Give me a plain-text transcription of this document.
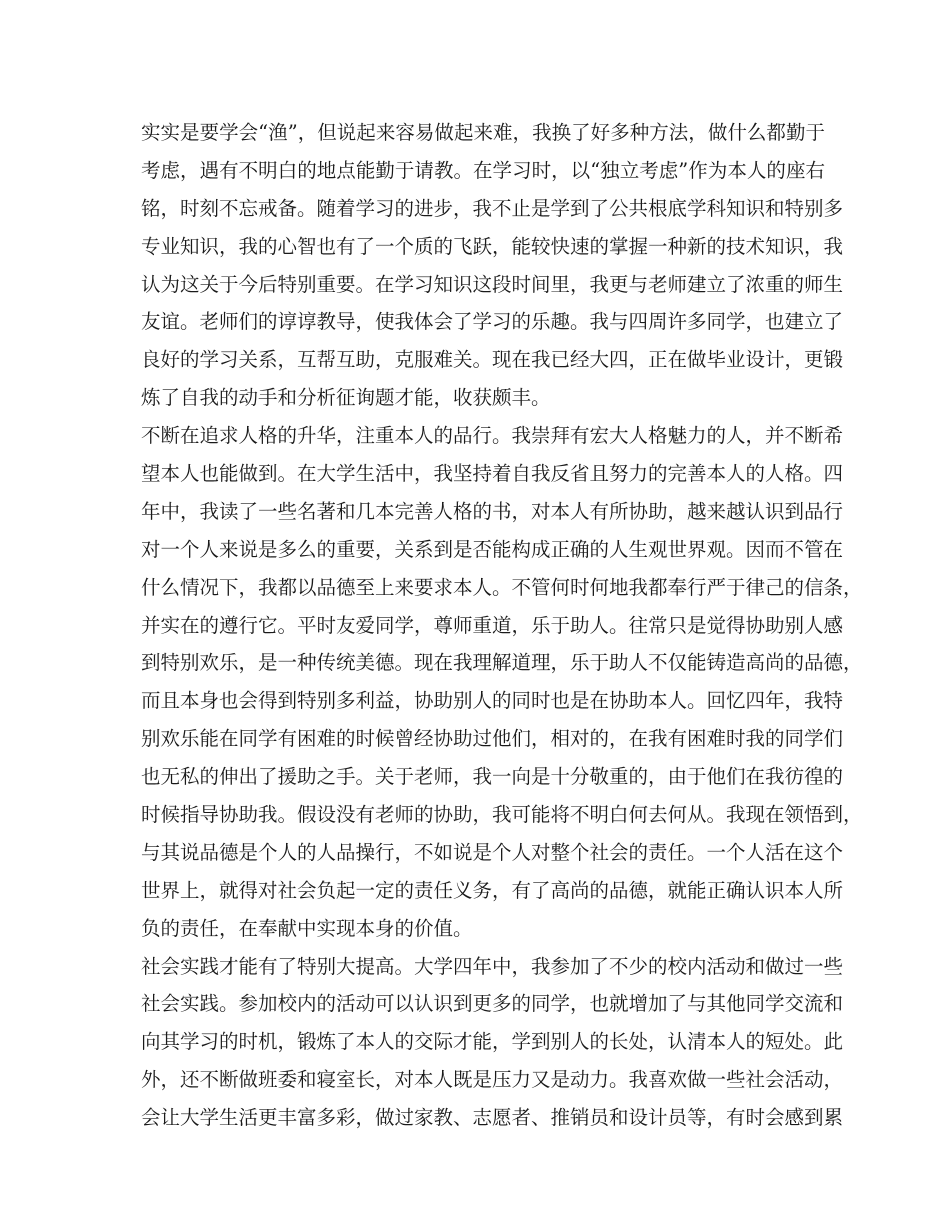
实实是要学会“渔”，但说起来容易做起来难，我换了好多种方法，做什么都勤于
考虑，遇有不明白的地点能勤于请教。在学习时，以“独立考虑”作为本人的座右
铭，时刻不忘戒备。随着学习的进步，我不止是学到了公共根底学科知识和特别多
专业知识，我的心智也有了一个质的飞跃，能较快速的掌握一种新的技术知识，我
认为这关于今后特别重要。在学习知识这段时间里，我更与老师建立了浓重的师生
友谊。老师们的谆谆教导，使我体会了学习的乐趣。我与四周许多同学，也建立了
良好的学习关系，互帮互助，克服难关。现在我已经大四，正在做毕业设计，更锻
炼了自我的动手和分析征询题才能，收获颇丰。
不断在追求人格的升华，注重本人的品行。我崇拜有宏大人格魅力的人，并不断希
望本人也能做到。在大学生活中，我坚持着自我反省且努力的完善本人的人格。四
年中，我读了一些名著和几本完善人格的书，对本人有所协助，越来越认识到品行
对一个人来说是多么的重要，关系到是否能构成正确的人生观世界观。因而不管在
什么情况下，我都以品德至上来要求本人。不管何时何地我都奉行严于律己的信条，
并实在的遵行它。平时友爱同学，尊师重道，乐于助人。往常只是觉得协助别人感
到特别欢乐，是一种传统美德。现在我理解道理，乐于助人不仅能铸造高尚的品德，
而且本身也会得到特别多利益，协助别人的同时也是在协助本人。回忆四年，我特
别欢乐能在同学有困难的时候曾经协助过他们，相对的，在我有困难时我的同学们
也无私的伸出了援助之手。关于老师，我一向是十分敬重的，由于他们在我彷徨的
时候指导协助我。假设没有老师的协助，我可能将不明白何去何从。我现在领悟到，
与其说品德是个人的人品操行，不如说是个人对整个社会的责任。一个人活在这个
世界上，就得对社会负起一定的责任义务，有了高尚的品德，就能正确认识本人所
负的责任，在奉献中实现本身的价值。
社会实践才能有了特别大提高。大学四年中，我参加了不少的校内活动和做过一些
社会实践。参加校内的活动可以认识到更多的同学，也就增加了与其他同学交流和
向其学习的时机，锻炼了本人的交际才能，学到别人的长处，认清本人的短处。此
外，还不断做班委和寝室长，对本人既是压力又是动力。我喜欢做一些社会活动，
会让大学生活更丰富多彩，做过家教、志愿者、推销员和设计员等，有时会感到累
